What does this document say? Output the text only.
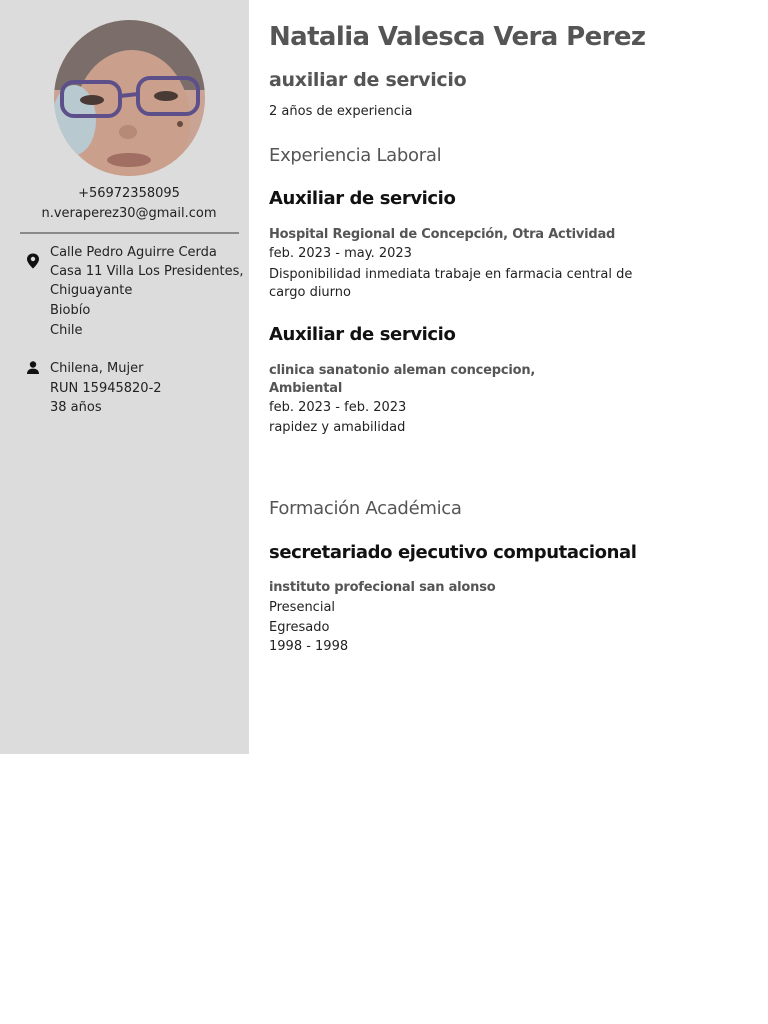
+56972358095
n.veraperez30@gmail.com
Calle Pedro Aguirre Cerda
Casa 11 Villa Los Presidentes,
Chiguayante
Biobío
Chile
Chilena, Mujer
RUN 15945820-2
38 años
Natalia Valesca Vera Perez
auxiliar de servicio
2 años de experiencia
Experiencia Laboral
Auxiliar de servicio
Hospital Regional de Concepción, Otra Actividad
feb. 2023 - may. 2023
Disponibilidad inmediata trabaje en farmacia central de cargo diurno
Auxiliar de servicio
clinica sanatonio aleman concepcion,
Ambiental
feb. 2023 - feb. 2023
rapidez y amabilidad
Formación Académica
secretariado ejecutivo computacional
instituto profecional san alonso
Presencial
Egresado
1998 - 1998
